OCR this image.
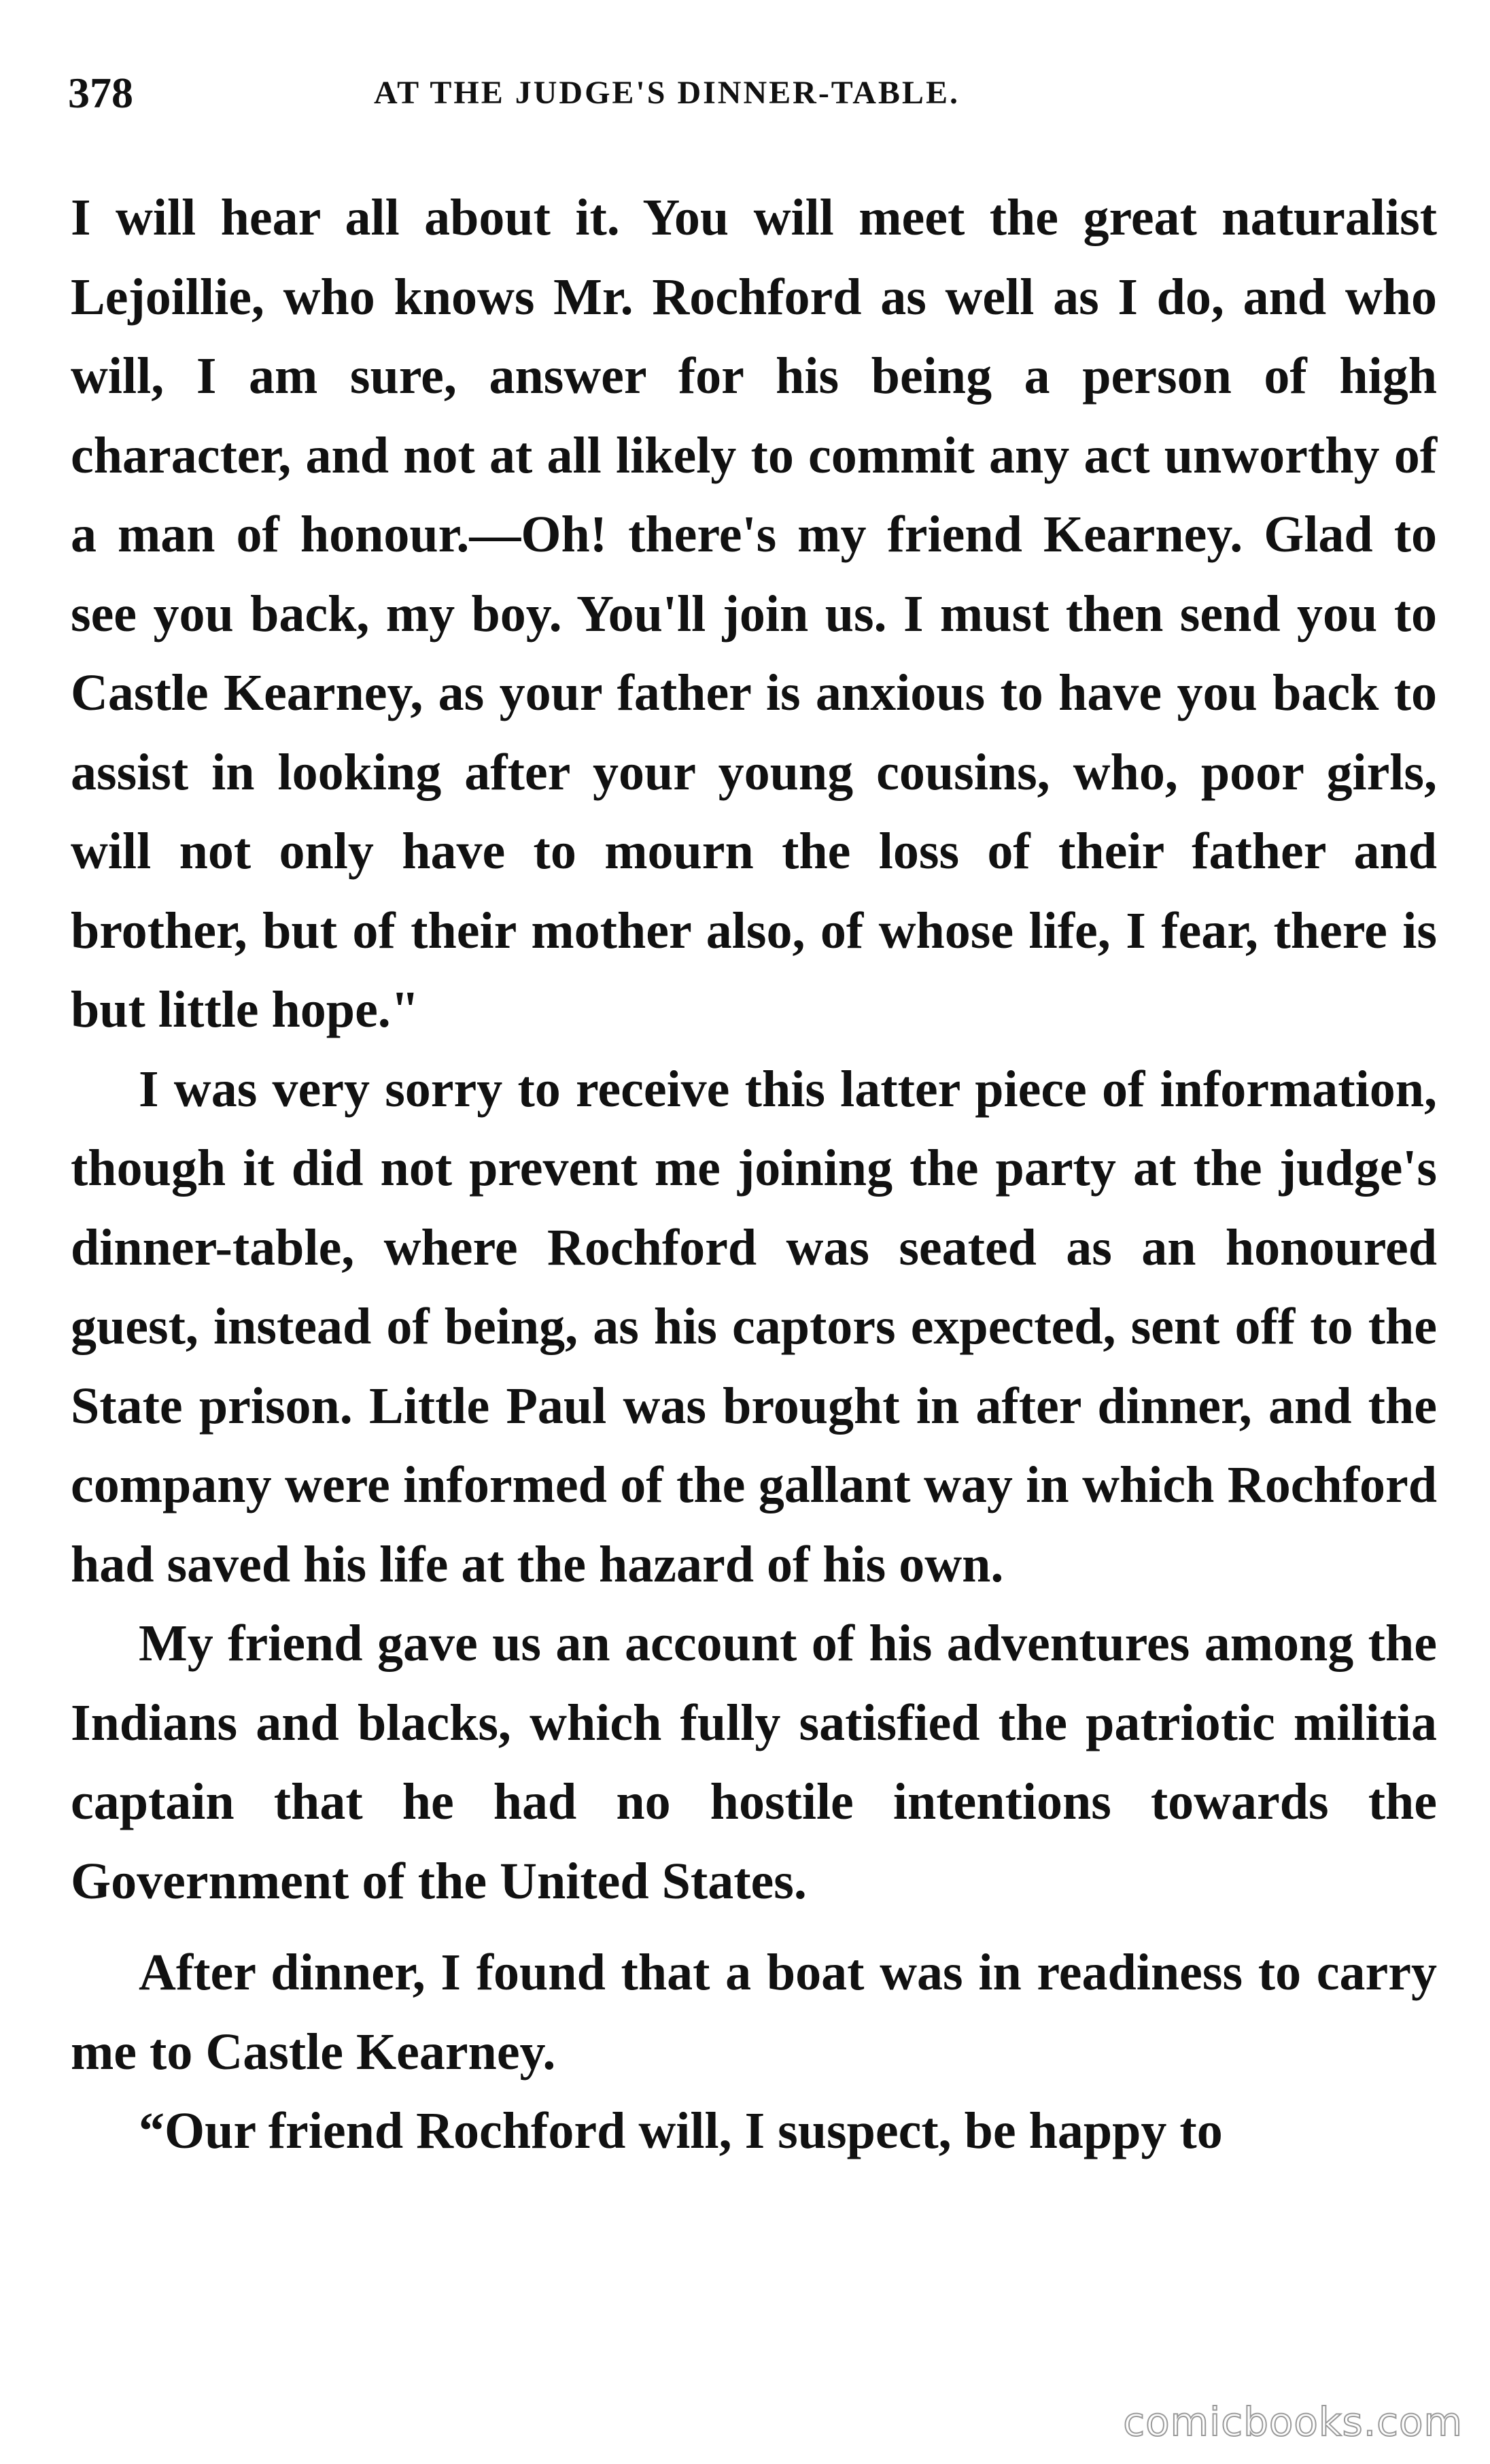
378	AT THE JUDGE'S DINNER-TABLE.

I will hear all about it. You will meet the great naturalist Lejoillie, who knows Mr. Rochford as well as I do, and who will, I am sure, answer for his being a person of high character, and not at all likely to commit any act unworthy of a man of honour.—Oh! there's my friend Kearney. Glad to see you back, my boy. You'll join us. I must then send you to Castle Kearney, as your father is anxious to have you back to assist in looking after your young cousins, who, poor girls, will not only have to mourn the loss of their father and brother, but of their mother also, of whose life, I fear, there is but little hope."

I was very sorry to receive this latter piece of information, though it did not prevent me joining the party at the judge's dinner-table, where Rochford was seated as an honoured guest, instead of being, as his captors expected, sent off to the State prison. Little Paul was brought in after dinner, and the company were informed of the gallant way in which Rochford had saved his life at the hazard of his own.

My friend gave us an account of his adventures among the Indians and blacks, which fully satisfied the patriotic militia captain that he had no hostile intentions towards the Government of the United States.

After dinner, I found that a boat was in readiness to carry me to Castle Kearney.

“Our friend Rochford will, I suspect, be happy to

comicbooks.com
